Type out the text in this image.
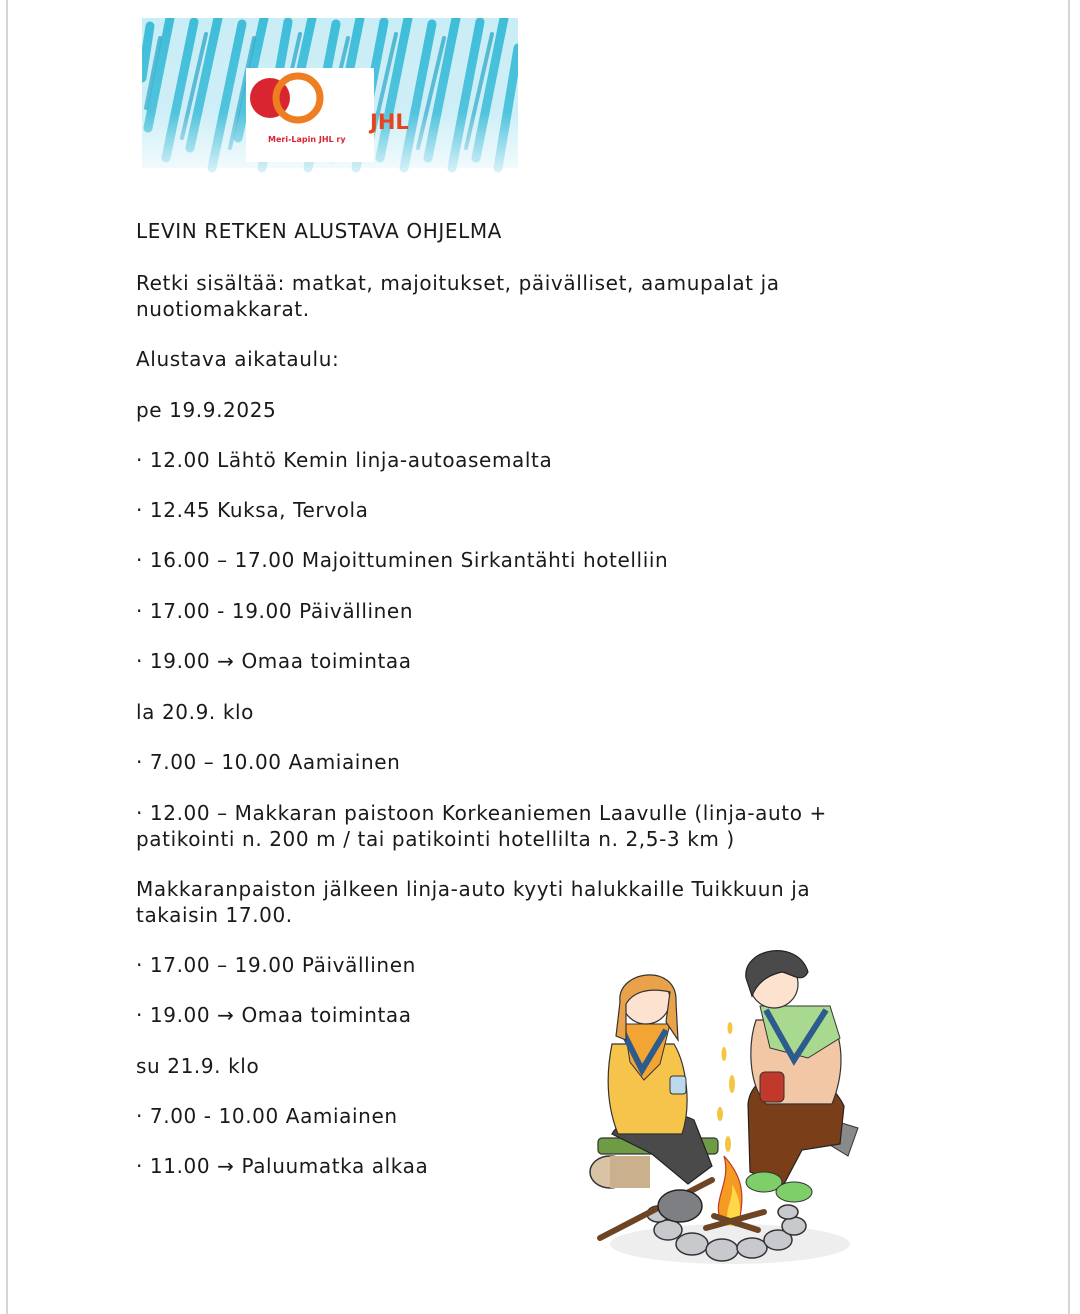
JHL
Meri-Lapin JHL ry
LEVIN RETKEN ALUSTAVA OHJELMA
Retki sisältää: matkat, majoitukset, päivälliset, aamupalat ja
nuotiomakkarat.
Alustava aikataulu:
pe 19.9.2025
· 12.00 Lähtö Kemin linja-autoasemalta
· 12.45 Kuksa, Tervola
· 16.00 – 17.00 Majoittuminen Sirkantähti hotelliin
· 17.00 - 19.00 Päivällinen
· 19.00 → Omaa toimintaa
la 20.9. klo
· 7.00 – 10.00 Aamiainen
· 12.00 – Makkaran paistoon Korkeaniemen Laavulle (linja-auto +
patikointi n. 200 m / tai patikointi hotellilta n. 2,5-3 km )
Makkaranpaiston jälkeen linja-auto kyyti halukkaille Tuikkuun ja
takaisin 17.00.
· 17.00 – 19.00 Päivällinen
· 19.00 → Omaa toimintaa
su 21.9. klo
· 7.00 - 10.00 Aamiainen
· 11.00 → Paluumatka alkaa
